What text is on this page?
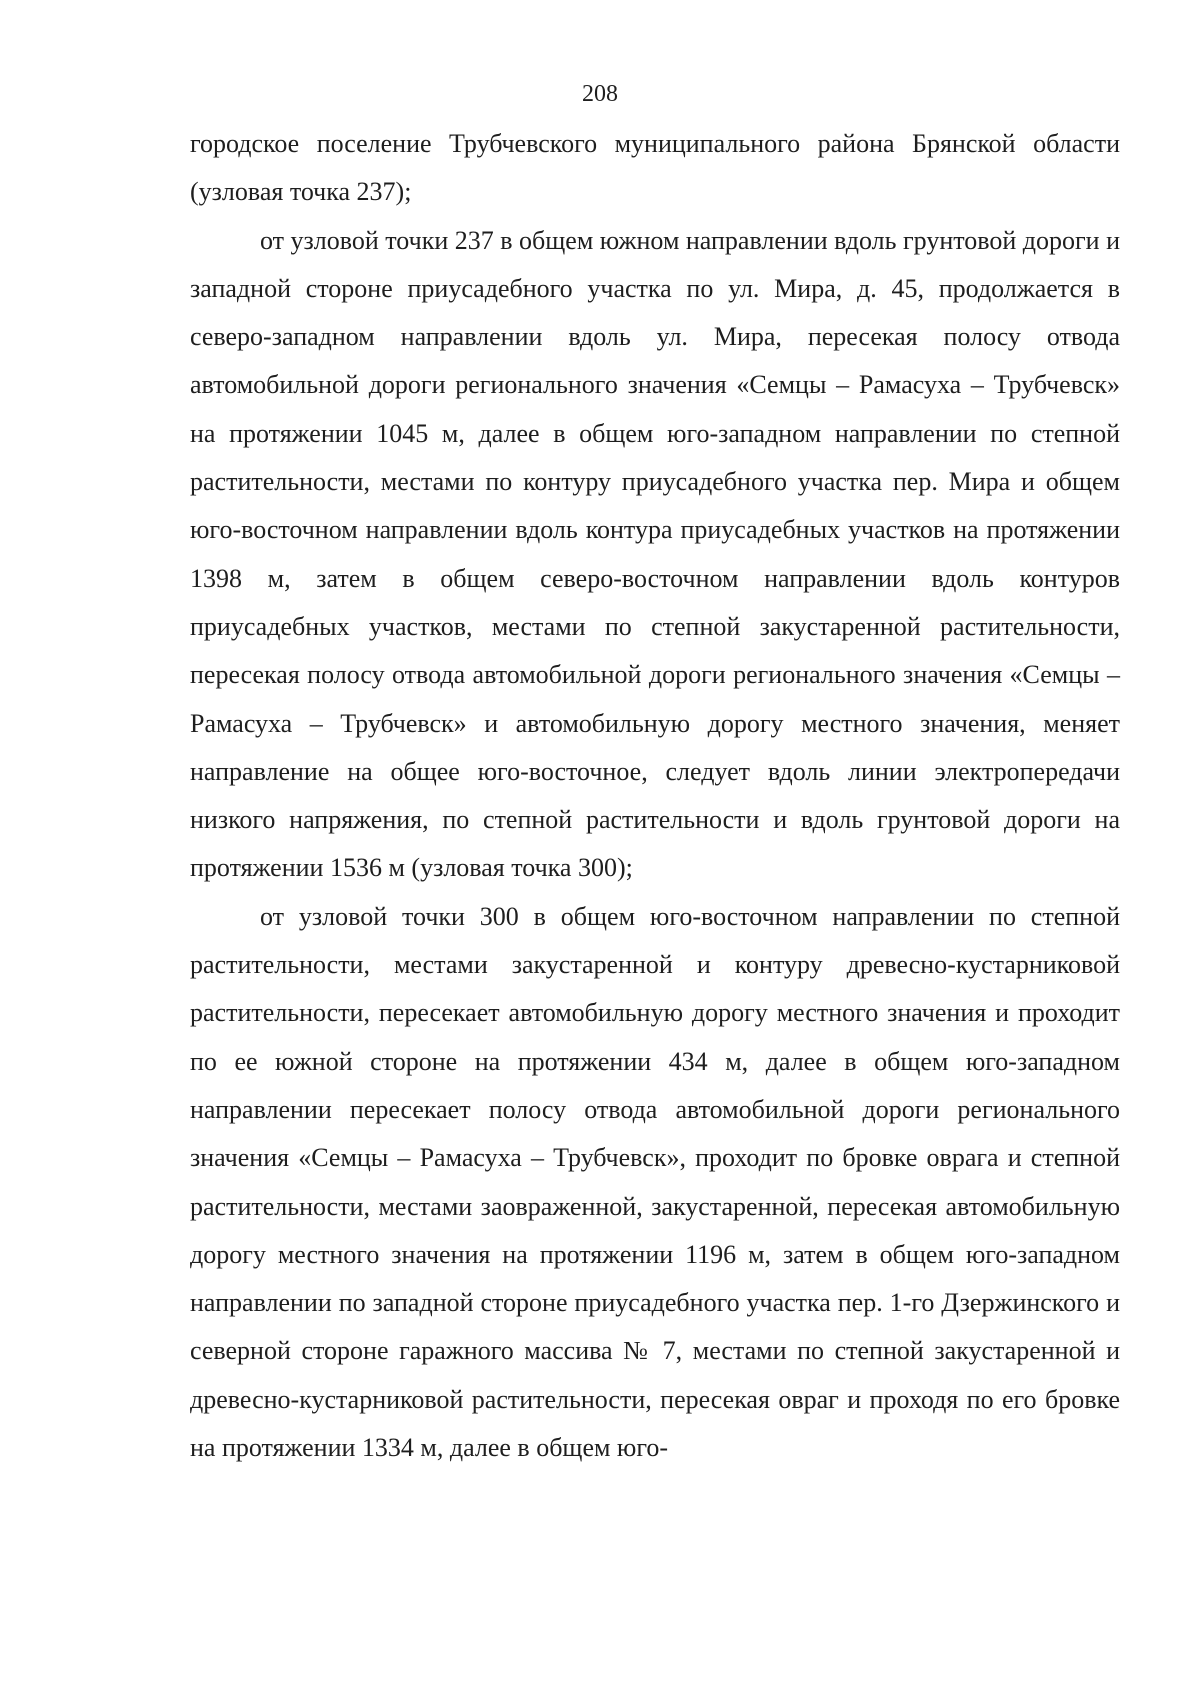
208

городское поселение Трубчевского муниципального района Брянской области (узловая точка 237);

от узловой точки 237 в общем южном направлении вдоль грунтовой дороги и западной стороне приусадебного участка по ул. Мира, д. 45, продолжается в северо-западном направлении вдоль ул. Мира, пересекая полосу отвода автомобильной дороги регионального значения «Семцы – Рамасуха – Трубчевск» на протяжении 1045 м, далее в общем юго-западном направлении по степной растительности, местами по контуру приусадебного участка пер. Мира и общем юго-восточном направлении вдоль контура приусадебных участков на протяжении 1398 м, затем в общем северо-восточном направлении вдоль контуров приусадебных участков, местами по степной закустаренной растительности, пересекая полосу отвода автомобильной дороги регионального значения «Семцы – Рамасуха – Трубчевск» и автомобильную дорогу местного значения, меняет направление на общее юго-восточное, следует вдоль линии электропередачи низкого напряжения, по степной растительности и вдоль грунтовой дороги на протяжении 1536 м (узловая точка 300);

от узловой точки 300 в общем юго-восточном направлении по степной растительности, местами закустаренной и контуру древесно-кустарниковой растительности, пересекает автомобильную дорогу местного значения и проходит по ее южной стороне на протяжении 434 м, далее в общем юго-западном направлении пересекает полосу отвода автомобильной дороги регионального значения «Семцы – Рамасуха – Трубчевск», проходит по бровке оврага и степной растительности, местами заовраженной, закустаренной, пересекая автомобильную дорогу местного значения на протяжении 1196 м, затем в общем юго-западном направлении по западной стороне приусадебного участка пер. 1-го Дзержинского и северной стороне гаражного массива № 7, местами по степной закустаренной и древесно-кустарниковой растительности, пересекая овраг и проходя по его бровке на протяжении 1334 м, далее в общем юго-
